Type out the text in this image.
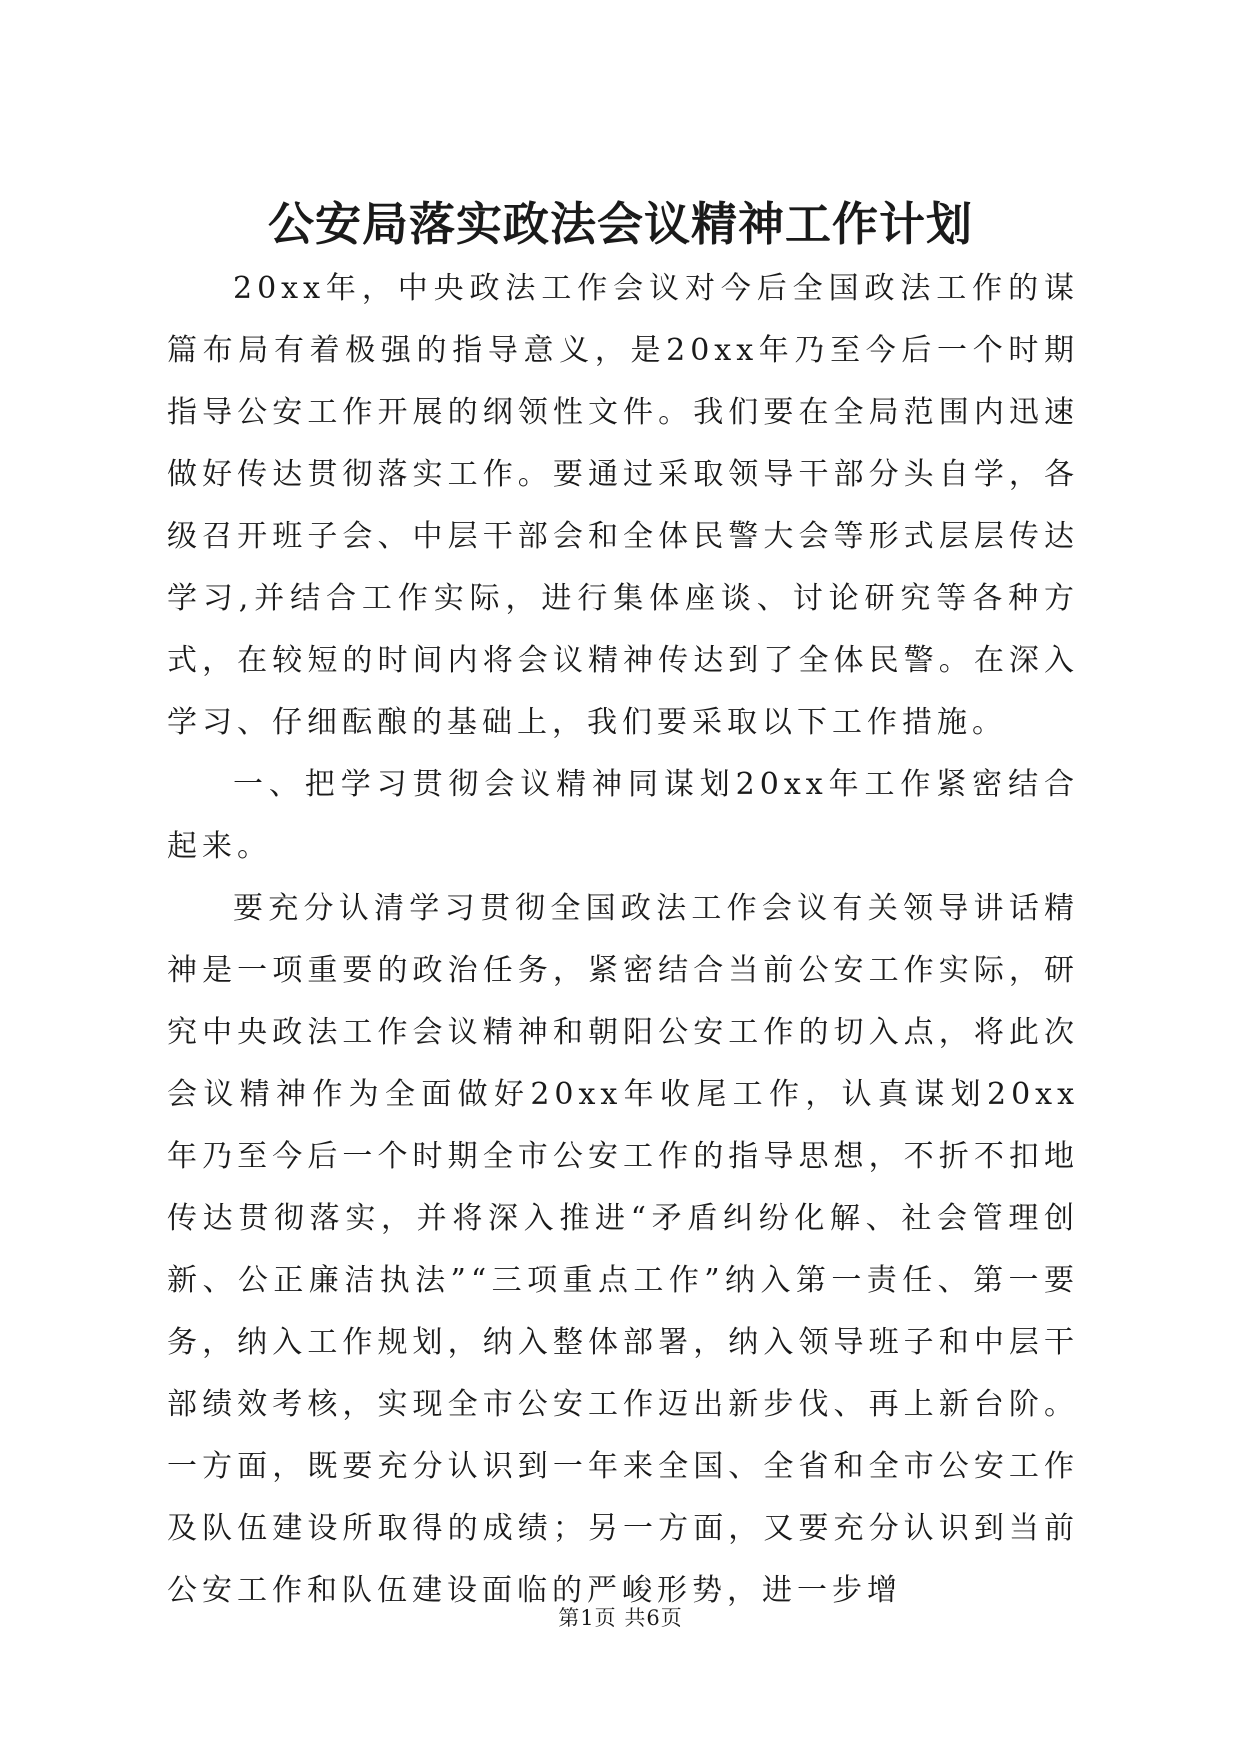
公安局落实政法会议精神工作计划

20xx年，中央政法工作会议对今后全国政法工作的谋篇布局有着极强的指导意义，是20xx年乃至今后一个时期指导公安工作开展的纲领性文件。我们要在全局范围内迅速做好传达贯彻落实工作。要通过采取领导干部分头自学，各级召开班子会、中层干部会和全体民警大会等形式层层传达学习,并结合工作实际，进行集体座谈、讨论研究等各种方式，在较短的时间内将会议精神传达到了全体民警。在深入学习、仔细酝酿的基础上，我们要采取以下工作措施。

一、把学习贯彻会议精神同谋划20xx年工作紧密结合起来。

要充分认清学习贯彻全国政法工作会议有关领导讲话精神是一项重要的政治任务，紧密结合当前公安工作实际，研究中央政法工作会议精神和朝阳公安工作的切入点，将此次会议精神作为全面做好20xx年收尾工作，认真谋划20xx年乃至今后一个时期全市公安工作的指导思想，不折不扣地传达贯彻落实，并将深入推进“矛盾纠纷化解、社会管理创新、公正廉洁执法”“三项重点工作”纳入第一责任、第一要务，纳入工作规划，纳入整体部署，纳入领导班子和中层干部绩效考核，实现全市公安工作迈出新步伐、再上新台阶。一方面，既要充分认识到一年来全国、全省和全市公安工作及队伍建设所取得的成绩；另一方面，又要充分认识到当前公安工作和队伍建设面临的严峻形势，进一步增

第1页 共6页
